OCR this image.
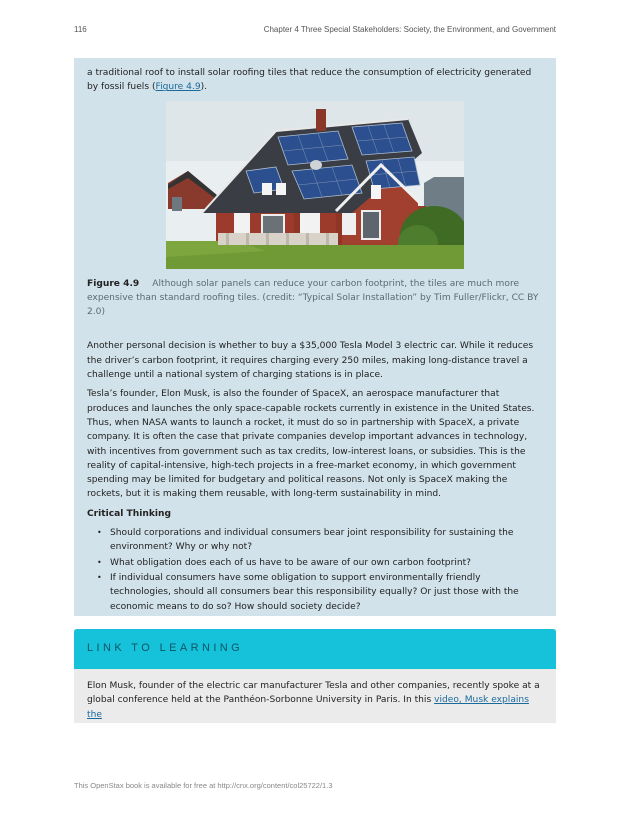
116	Chapter 4 Three Special Stakeholders: Society, the Environment, and Government

a traditional roof to install solar roofing tiles that reduce the consumption of electricity generated by fossil fuels (Figure 4.9).

Figure 4.9 Although solar panels can reduce your carbon footprint, the tiles are much more expensive than standard roofing tiles. (credit: “Typical Solar Installation” by Tim Fuller/Flickr, CC BY 2.0)

Another personal decision is whether to buy a $35,000 Tesla Model 3 electric car. While it reduces the driver’s carbon footprint, it requires charging every 250 miles, making long-distance travel a challenge until a national system of charging stations is in place.

Tesla’s founder, Elon Musk, is also the founder of SpaceX, an aerospace manufacturer that produces and launches the only space-capable rockets currently in existence in the United States. Thus, when NASA wants to launch a rocket, it must do so in partnership with SpaceX, a private company. It is often the case that private companies develop important advances in technology, with incentives from government such as tax credits, low-interest loans, or subsidies. This is the reality of capital-intensive, high-tech projects in a free-market economy, in which government spending may be limited for budgetary and political reasons. Not only is SpaceX making the rockets, but it is making them reusable, with long-term sustainability in mind.

Critical Thinking
• Should corporations and individual consumers bear joint responsibility for sustaining the environment? Why or why not?
• What obligation does each of us have to be aware of our own carbon footprint?
• If individual consumers have some obligation to support environmentally friendly technologies, should all consumers bear this responsibility equally? Or just those with the economic means to do so? How should society decide?
LINK TO LEARNING

Elon Musk, founder of the electric car manufacturer Tesla and other companies, recently spoke at a global conference held at the Panthéon-Sorbonne University in Paris. In this video, Musk explains the

This OpenStax book is available for free at http://cnx.org/content/col25722/1.3
